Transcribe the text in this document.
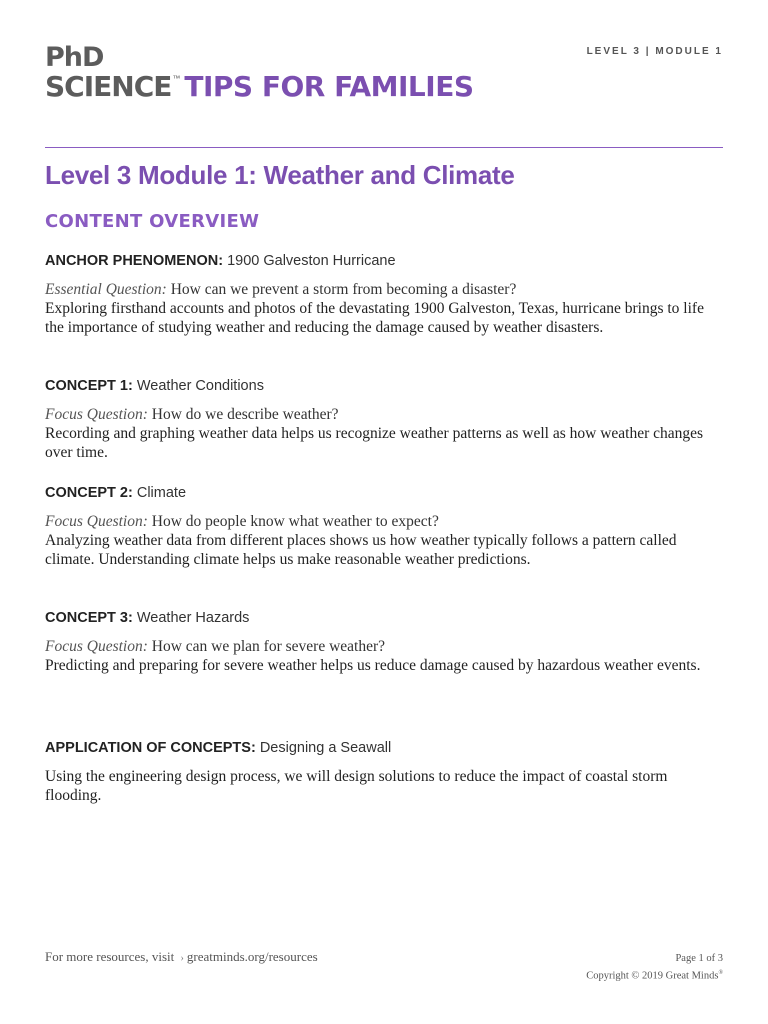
PhD
SCIENCE ™ TIPS FOR FAMILIES
LEVEL 3 | MODULE 1
Level 3 Module 1: Weather and Climate
CONTENT OVERVIEW
ANCHOR PHENOMENON: 1900 Galveston Hurricane
Essential Question: How can we prevent a storm from becoming a disaster?
Exploring firsthand accounts and photos of the devastating 1900 Galveston, Texas, hurricane brings to life the importance of studying weather and reducing the damage caused by weather disasters.
CONCEPT 1: Weather Conditions
Focus Question: How do we describe weather?
Recording and graphing weather data helps us recognize weather patterns as well as how weather changes over time.
CONCEPT 2: Climate
Focus Question: How do people know what weather to expect?
Analyzing weather data from different places shows us how weather typically follows a pattern called climate. Understanding climate helps us make reasonable weather predictions.
CONCEPT 3: Weather Hazards
Focus Question: How can we plan for severe weather?
Predicting and preparing for severe weather helps us reduce damage caused by hazardous weather events.
APPLICATION OF CONCEPTS: Designing a Seawall
Using the engineering design process, we will design solutions to reduce the impact of coastal storm flooding.
For more resources, visit › greatminds.org/resources	Page 1 of 3
Copyright © 2019 Great Minds®
